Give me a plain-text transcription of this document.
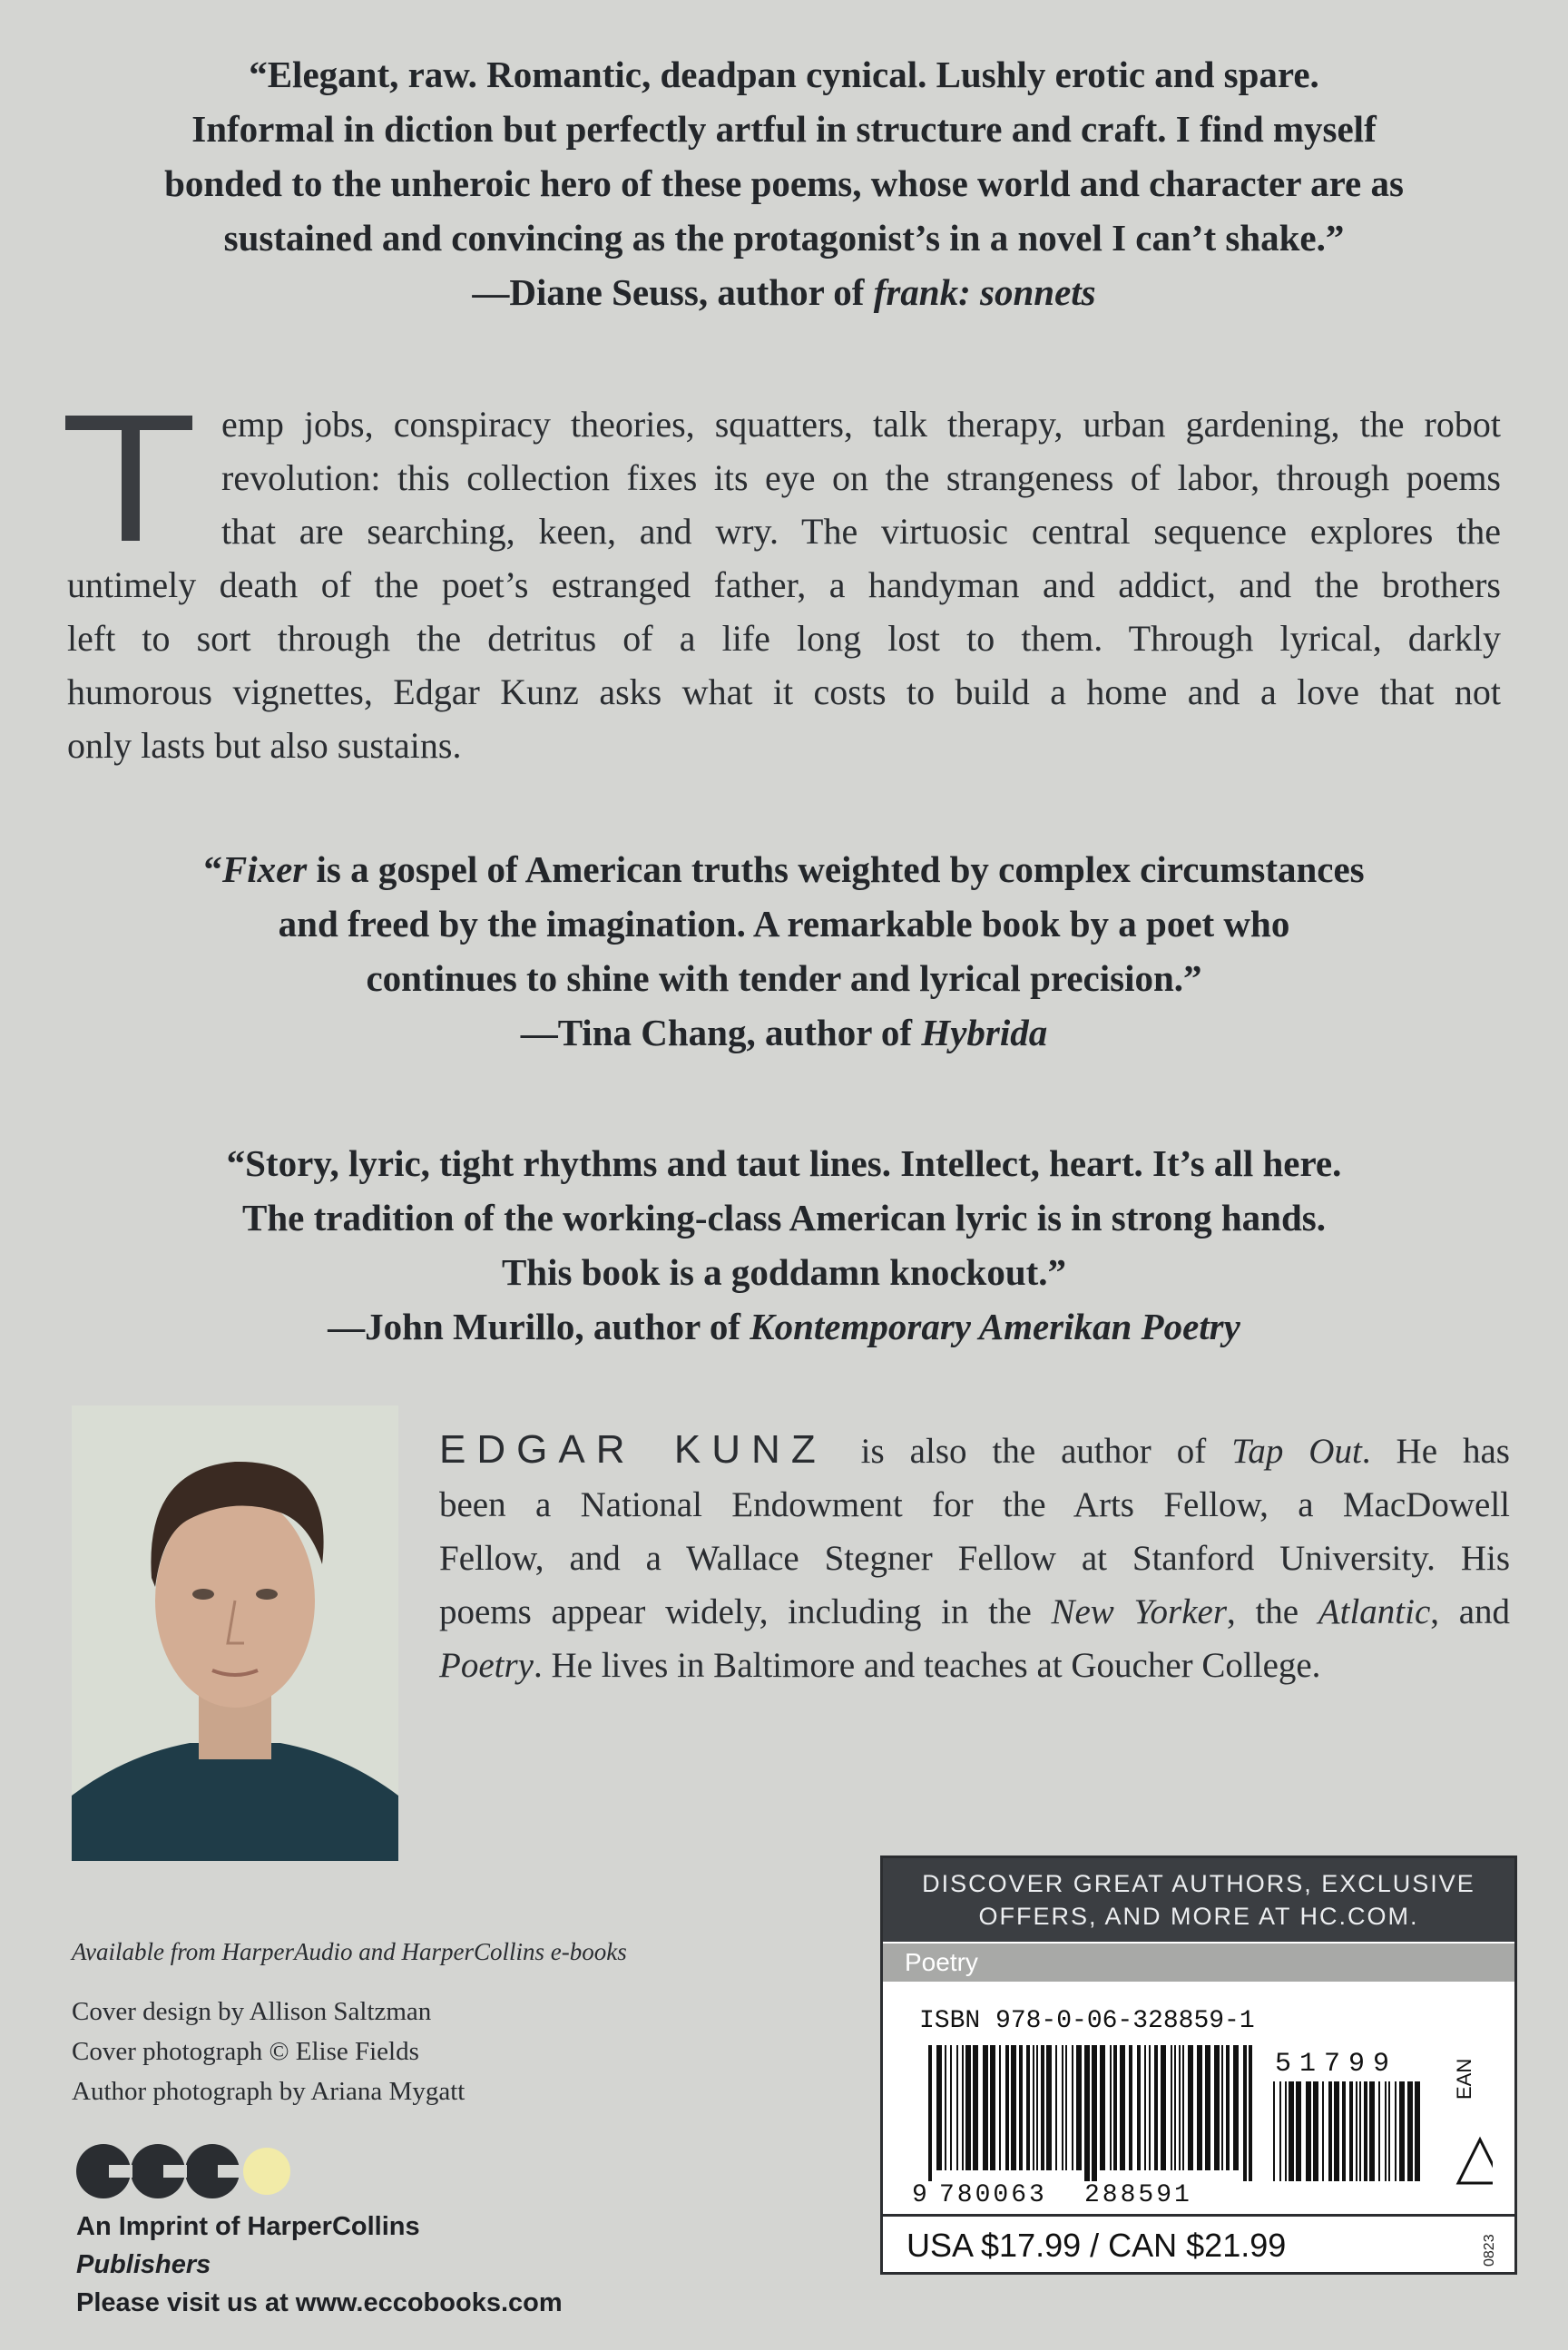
“Elegant, raw. Romantic, deadpan cynical. Lushly erotic and spare.
Informal in diction but perfectly artful in structure and craft. I find myself
bonded to the unheroic hero of these poems, whose world and character are as
sustained and convincing as the protagonist’s in a novel I can’t shake.”
—Diane Seuss, author of frank: sonnets
T
emp jobs, conspiracy theories, squatters, talk therapy, urban gardening, the robot
revolution: this collection fixes its eye on the strangeness of labor, through poems
that are searching, keen, and wry. The virtuosic central sequence explores the
untimely death of the poet’s estranged father, a handyman and addict, and the brothers
left to sort through the detritus of a life long lost to them. Through lyrical, darkly
humorous vignettes, Edgar Kunz asks what it costs to build a home and a love that not
only lasts but also sustains.
“Fixer is a gospel of American truths weighted by complex circumstances
and freed by the imagination. A remarkable book by a poet who
continues to shine with tender and lyrical precision.”
—Tina Chang, author of Hybrida
“Story, lyric, tight rhythms and taut lines. Intellect, heart. It’s all here.
The tradition of the working-class American lyric is in strong hands.
This book is a goddamn knockout.”
—John Murillo, author of Kontemporary Amerikan Poetry
EDGAR KUNZ is also the author of Tap Out. He has
been a National Endowment for the Arts Fellow, a MacDowell
Fellow, and a Wallace Stegner Fellow at Stanford University. His
poems appear widely, including in the New Yorker, the Atlantic, and
Poetry. He lives in Baltimore and teaches at Goucher College.
Available from HarperAudio and HarperCollins e-books
Cover design by Allison Saltzman
Cover photograph © Elise Fields
Author photograph by Ariana Mygatt
An Imprint of HarperCollins
Publishers
Please visit us at www.eccobooks.com
DISCOVER GREAT AUTHORS, EXCLUSIVE
OFFERS, AND MORE AT HC.COM.
Poetry
ISBN 978-0-06-328859-1
9 780063 288591
51799	EAN
USA $17.99 / CAN $21.99	0823
